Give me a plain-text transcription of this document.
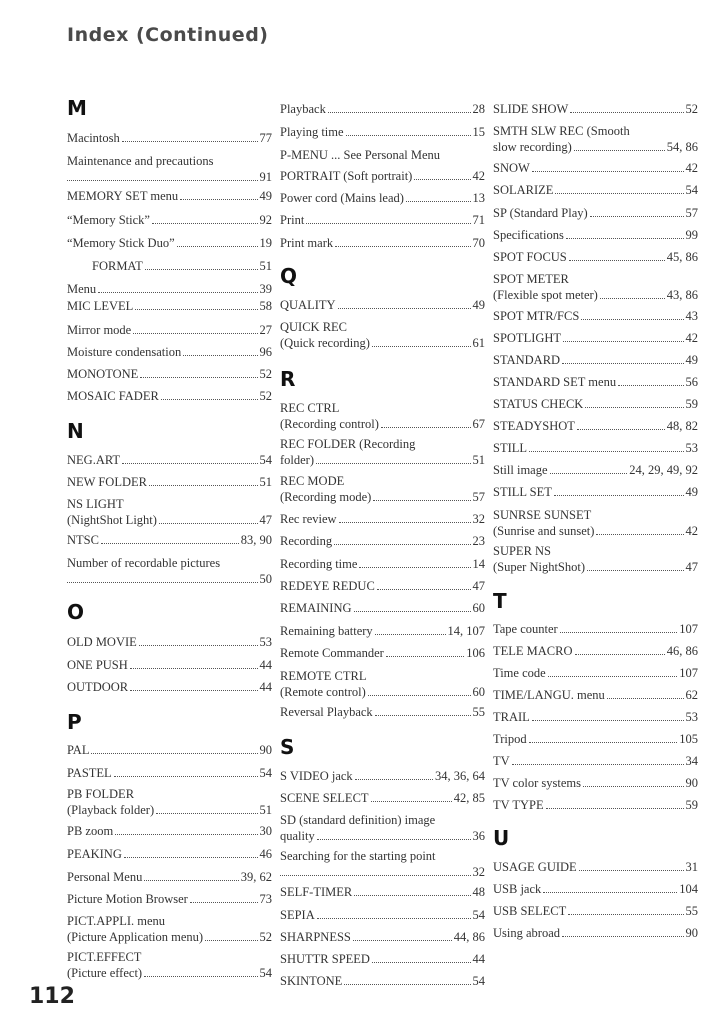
Index (Continued)
M
Macintosh	77
Maintenance and precautions
91
MEMORY SET menu	49
“Memory Stick”	92
“Memory Stick Duo”	19
FORMAT	51
Menu	39
MIC LEVEL	58
Mirror mode	27
Moisture condensation	96
MONOTONE	52
MOSAIC FADER	52
N
NEG.ART	54
NEW FOLDER	51
NS LIGHT
(NightShot Light)	47
NTSC	83, 90
Number of recordable pictures
50
O
OLD MOVIE	53
ONE PUSH	44
OUTDOOR	44
P
PAL	90
PASTEL	54
PB FOLDER
(Playback folder)	51
PB zoom	30
PEAKING	46
Personal Menu	39, 62
Picture Motion Browser	73
PICT.APPLI. menu
(Picture Application menu)	52
PICT.EFFECT
(Picture effect)	54
Playback	28
Playing time	15
P-MENU ... See Personal Menu
PORTRAIT (Soft portrait)	42
Power cord (Mains lead)	13
Print	71
Print mark	70
Q
QUALITY	49
QUICK REC
(Quick recording)	61
R
REC CTRL
(Recording control)	67
REC FOLDER (Recording
folder)	51
REC MODE
(Recording mode)	57
Rec review	32
Recording	23
Recording time	14
REDEYE REDUC	47
REMAINING	60
Remaining battery	14, 107
Remote Commander	106
REMOTE CTRL
(Remote control)	60
Reversal Playback	55
S
S VIDEO jack	34, 36, 64
SCENE SELECT	42, 85
SD (standard definition) image
quality	36
Searching for the starting point
32
SELF-TIMER	48
SEPIA	54
SHARPNESS	44, 86
SHUTTR SPEED	44
SKINTONE	54
SLIDE SHOW	52
SMTH SLW REC (Smooth
slow recording)	54, 86
SNOW	42
SOLARIZE	54
SP (Standard Play)	57
Specifications	99
SPOT FOCUS	45, 86
SPOT METER
(Flexible spot meter)	43, 86
SPOT MTR/FCS	43
SPOTLIGHT	42
STANDARD	49
STANDARD SET menu	56
STATUS CHECK	59
STEADYSHOT	48, 82
STILL	53
Still image	24, 29, 49, 92
STILL SET	49
SUNRSE SUNSET
(Sunrise and sunset)	42
SUPER NS
(Super NightShot)	47
T
Tape counter	107
TELE MACRO	46, 86
Time code	107
TIME/LANGU. menu	62
TRAIL	53
Tripod	105
TV	34
TV color systems	90
TV TYPE	59
U
USAGE GUIDE	31
USB jack	104
USB SELECT	55
Using abroad	90
112
